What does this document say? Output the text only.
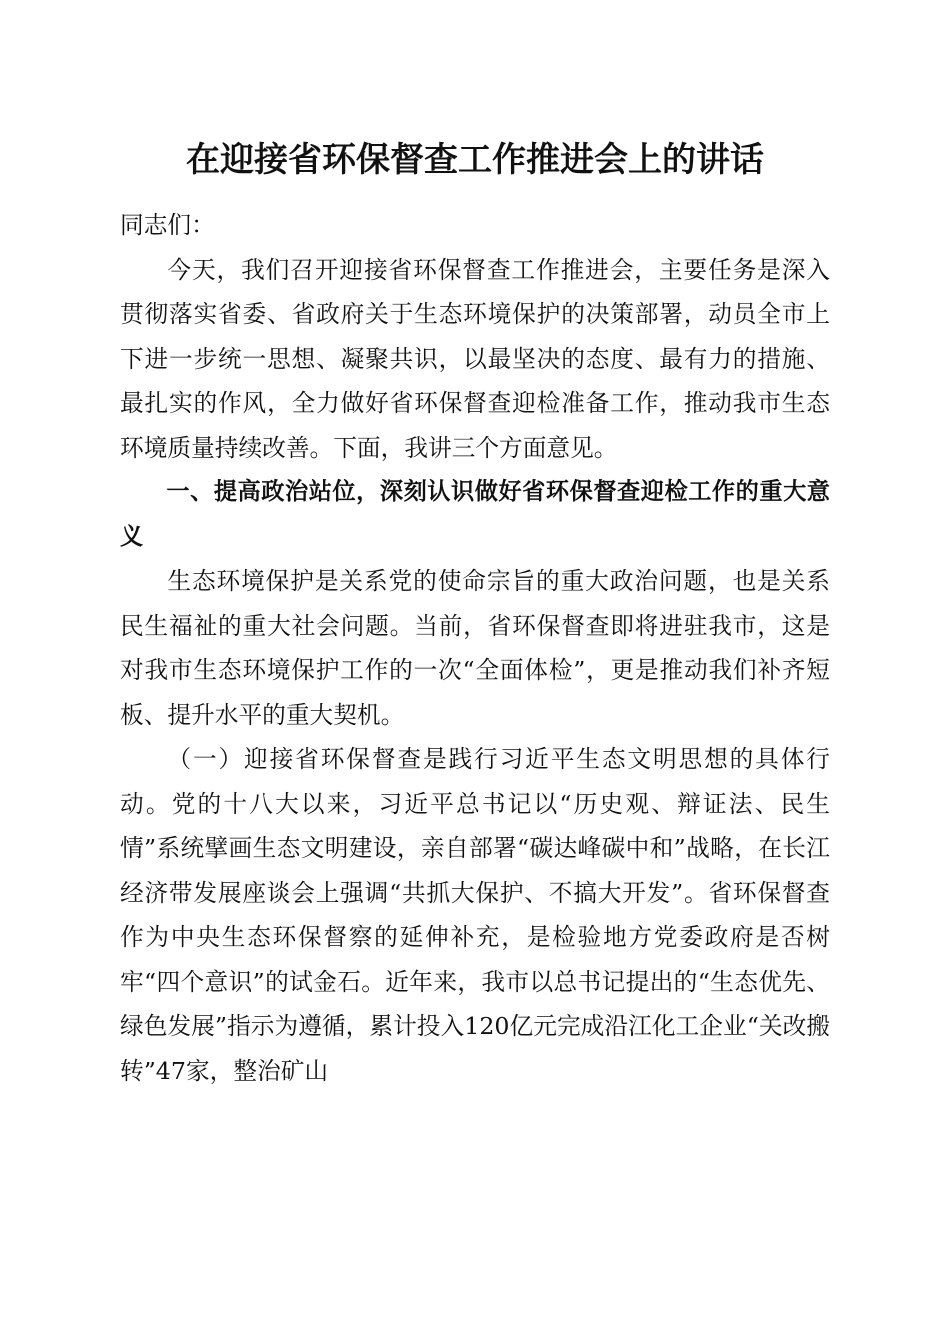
在迎接省环保督查工作推进会上的讲话

同志们：

今天，我们召开迎接省环保督查工作推进会，主要任务是深入贯彻落实省委、省政府关于生态环境保护的决策部署，动员全市上下进一步统一思想、凝聚共识，以最坚决的态度、最有力的措施、最扎实的作风，全力做好省环保督查迎检准备工作，推动我市生态环境质量持续改善。下面，我讲三个方面意见。

一、提高政治站位，深刻认识做好省环保督查迎检工作的重大意义

生态环境保护是关系党的使命宗旨的重大政治问题，也是关系民生福祉的重大社会问题。当前，省环保督查即将进驻我市，这是对我市生态环境保护工作的一次“全面体检”，更是推动我们补齐短板、提升水平的重大契机。

（一）迎接省环保督查是践行习近平生态文明思想的具体行动。党的十八大以来，习近平总书记以“历史观、辩证法、民生情”系统擘画生态文明建设，亲自部署“碳达峰碳中和”战略，在长江经济带发展座谈会上强调“共抓大保护、不搞大开发”。省环保督查作为中央生态环保督察的延伸补充，是检验地方党委政府是否树牢“四个意识”的试金石。近年来，我市以总书记提出的“生态优先、绿色发展”指示为遵循，累计投入120亿元完成沿江化工企业“关改搬转”47家，整治矿山
